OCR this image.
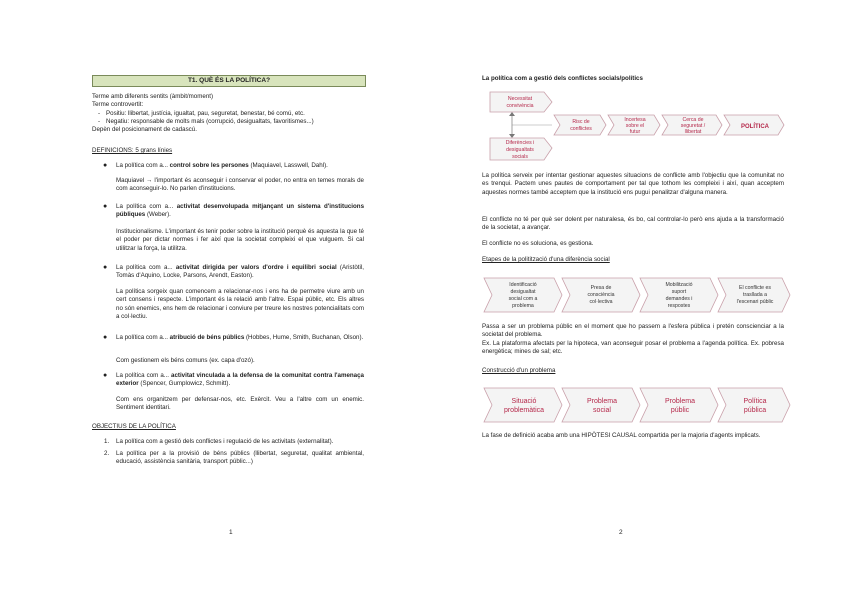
T1. QUÈ ÉS LA POLÍTICA?

Terme amb diferents sentits (àmbit/moment)

Terme controvertit:

- Positiu: llibertat, justícia, igualtat, pau, seguretat, benestar, bé comú, etc.

- Negatiu: responsable de molts mals (corrupció, desigualtats, favoritismes...)

Depèn del posicionament de cadascú.

DEFINICIONS: 5 grans línies
● La política com a... control sobre les persones (Maquiavel, Lasswell, Dahl).
Maquiavel → l'important és aconseguir i conservar el poder, no entra en temes morals de com aconseguir-lo. No parlen d'institucions.
● La política com a... activitat desenvolupada mitjançant un sistema d'institucions públiques (Weber).
Institucionalisme. L'important és tenir poder sobre la institució perquè és aquesta la que té el poder per dictar normes i fer així que la societat compleixi el que vulguem. Si cal utilitzar la força, la utilitza.
● La política com a... activitat dirigida per valors d'ordre i equilibri social (Aristòtil, Tomàs d'Aquino, Locke, Parsons, Arendt, Easton).
La política sorgeix quan comencem a relacionar-nos i ens ha de permetre viure amb un cert consens i respecte. L'important és la relació amb l'altre. Espai públic, etc. Els altres no són enemics, ens hem de relacionar i conviure per treure les nostres potencialitats com a col·lectiu.
● La política com a... atribució de béns públics (Hobbes, Hume, Smith, Buchanan, Olson).
Com gestionem els béns comuns (ex. capa d'ozó).
● La política com a... activitat vinculada a la defensa de la comunitat contra l'amenaça exterior (Spencer, Gumplowicz, Schmitt).
Com ens organitzem per defensar-nos, etc. Exèrcit. Veu a l'altre com un enemic. Sentiment identitari.
OBJECTIUS DE LA POLÍTICA
1. La política com a gestió dels conflictes i regulació de les activitats (externalitat).
2. La política per a la provisió de béns públics (llibertat, seguretat, qualitat ambiental, educació, assistència sanitària, transport públic...)
1
La política com a gestió dels conflictes socials/polítics
Necessitat
convivència
Diferències i
desigualtats
socials
Risc de
conflictes
Incertesa
sobre el
futur
Cerca de
seguretat /
llibertat
POLÍTICA
La política serveix per intentar gestionar aquestes situacions de conflicte amb l'objectiu que la comunitat no es trenqui. Pactem unes pautes de comportament per tal que tothom les compleixi i així, quan acceptem aquestes normes també acceptem que la institució ens pugui penalitzar d'alguna manera.
El conflicte no té per què ser dolent per naturalesa, és bo, cal controlar-lo però ens ajuda a la transformació de la societat, a avançar.
El conflicte no es soluciona, es gestiona.
Etapes de la politització d'una diferència social
Identificació
desigualtat
social com a
problema
Presa de
consciència
col·lectiva
Mobilització
suport
demandes i
respostes
El conflicte es
trasllada a
l'escenari públic
Passa a ser un problema públic en el moment que ho passem a l'esfera pública i pretén conscienciar a la societat del problema.
Ex. La plataforma afectats per la hipoteca, van aconseguir posar el problema a l'agenda política. Ex. pobresa energètica; mines de sal; etc.
Construcció d'un problema
Situació
problemàtica
Problema
social
Problema
públic
Política
pública
La fase de definició acaba amb una HIPÒTESI CAUSAL compartida per la majoria d'agents implicats.
2
